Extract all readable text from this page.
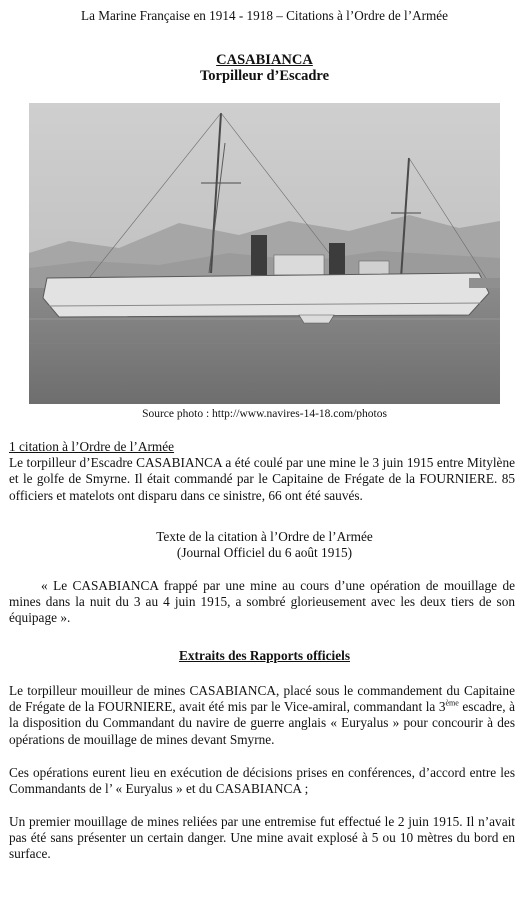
La Marine Française en 1914 - 1918 – Citations à l’Ordre de l’Armée
CASABIANCA
Torpilleur d’Escadre
Source photo : http://www.navires-14-18.com/photos
1 citation à l’Ordre de l’Armée
Le torpilleur d’Escadre CASABIANCA a été coulé par une mine le 3 juin 1915 entre Mitylène et le golfe de Smyrne. Il était commandé par le Capitaine de Frégate de la FOURNIERE. 85 officiers et matelots ont disparu dans ce sinistre, 66 ont été sauvés.
Texte de la citation à l’Ordre de l’Armée
(Journal Officiel du 6 août 1915)
« Le CASABIANCA frappé par une mine au cours d’une opération de mouillage de mines dans la nuit du 3 au 4 juin 1915, a sombré glorieusement avec les deux tiers de son équipage ».
Extraits des Rapports officiels
Le torpilleur mouilleur de mines CASABIANCA, placé sous le commandement du Capitaine de Frégate de la FOURNIERE, avait été mis par le Vice-amiral, commandant la 3ème escadre, à la disposition du Commandant du navire de guerre anglais « Euryalus » pour concourir à des opérations de mouillage de mines devant Smyrne.
Ces opérations eurent lieu en exécution de décisions prises en conférences, d’accord entre les Commandants de l’ « Euryalus » et du CASABIANCA ;
Un premier mouillage de mines reliées par une entremise fut effectué le 2 juin 1915. Il n’avait pas été sans présenter un certain danger. Une mine avait explosé à 5 ou 10 mètres du bord en surface.
